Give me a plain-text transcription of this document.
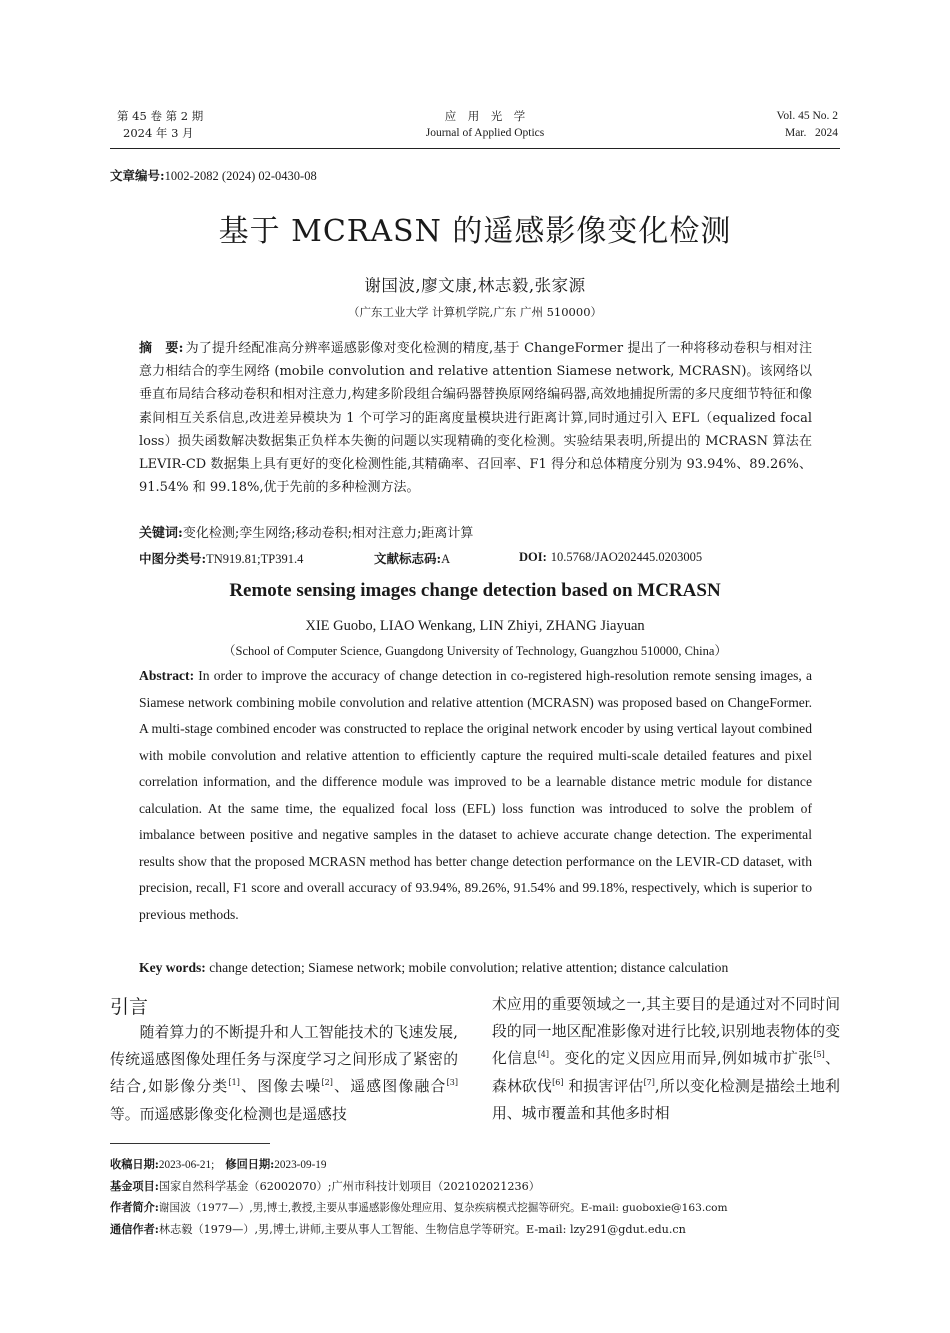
第 45 卷 第 2 期
2024 年 3 月
应　用　光　学
Journal of Applied Optics
Vol. 45 No. 2
Mar.   2024
文章编号:1002-2082 (2024) 02-0430-08
基于 MCRASN 的遥感影像变化检测
谢国波,廖文康,林志毅,张家源
（广东工业大学 计算机学院,广东 广州 510000）
摘　要: 为了提升经配准高分辨率遥感影像对变化检测的精度,基于 ChangeFormer 提出了一种将移动卷积与相对注意力相结合的孪生网络 (mobile convolution and relative attention Siamese network, MCRASN)。该网络以垂直布局结合移动卷积和相对注意力,构建多阶段组合编码器替换原网络编码器,高效地捕捉所需的多尺度细节特征和像素间相互关系信息,改进差异模块为 1 个可学习的距离度量模块进行距离计算,同时通过引入 EFL（equalized focal loss）损失函数解决数据集正负样本失衡的问题以实现精确的变化检测。实验结果表明,所提出的 MCRASN 算法在 LEVIR-CD 数据集上具有更好的变化检测性能,其精确率、召回率、F1 得分和总体精度分别为 93.94%、89.26%、91.54% 和 99.18%,优于先前的多种检测方法。
关键词:变化检测;孪生网络;移动卷积;相对注意力;距离计算
中图分类号:TN919.81;TP391.4	文献标志码:A	DOI: 10.5768/JAO202445.0203005
Remote sensing images change detection based on MCRASN
XIE Guobo, LIAO Wenkang, LIN Zhiyi, ZHANG Jiayuan
（School of Computer Science, Guangdong University of Technology, Guangzhou 510000, China）
Abstract: In order to improve the accuracy of change detection in co-registered high-resolution remote sensing images, a Siamese network combining mobile convolution and relative attention (MCRASN) was proposed based on ChangeFormer. A multi-stage combined encoder was constructed to replace the original network encoder by using vertical layout combined with mobile convolution and relative attention to efficiently capture the required multi-scale detailed features and pixel correlation information, and the difference module was improved to be a learnable distance metric module for distance calculation. At the same time, the equalized focal loss (EFL) loss function was introduced to solve the problem of imbalance between positive and negative samples in the dataset to achieve accurate change detection. The experimental results show that the proposed MCRASN method has better change detection performance on the LEVIR-CD dataset, with precision, recall, F1 score and overall accuracy of 93.94%, 89.26%, 91.54% and 99.18%, respectively, which is superior to previous methods.
Key words: change detection; Siamese network; mobile convolution; relative attention; distance calculation
引言
随着算力的不断提升和人工智能技术的飞速发展,传统遥感图像处理任务与深度学习之间形成了紧密的结合,如影像分类[1]、图像去噪[2]、遥感图像融合[3] 等。而遥感影像变化检测也是遥感技
术应用的重要领域之一,其主要目的是通过对不同时间段的同一地区配准影像对进行比较,识别地表物体的变化信息[4]。变化的定义因应用而异,例如城市扩张[5]、森林砍伐[6] 和损害评估[7],所以变化检测是描绘土地利用、城市覆盖和其他多时相
收稿日期:2023-06-21;　 修回日期:2023-09-19
基金项目:国家自然科学基金（62002070）;广州市科技计划项目（202102021236）
作者简介:谢国波（1977—）,男,博士,教授,主要从事遥感影像处理应用、复杂疾病模式挖掘等研究。E-mail: guoboxie@163.com
通信作者:林志毅（1979—）,男,博士,讲师,主要从事人工智能、生物信息学等研究。E-mail: lzy291@gdut.edu.cn
